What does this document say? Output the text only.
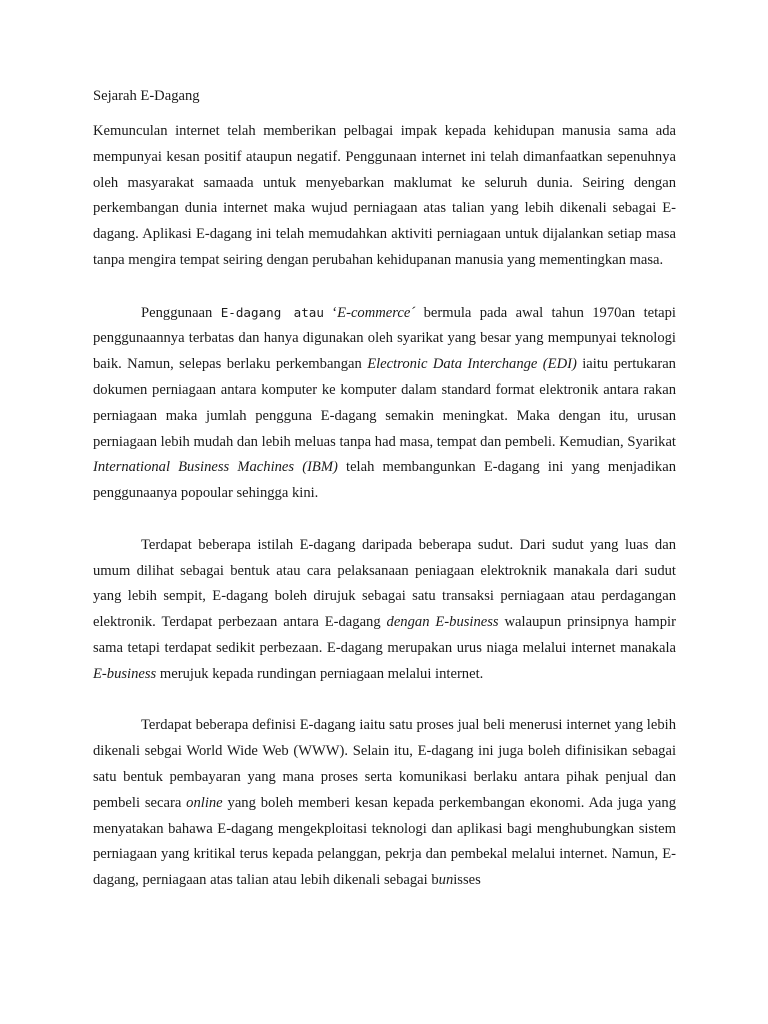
Sejarah E-Dagang

Kemunculan internet telah memberikan pelbagai impak kepada kehidupan manusia sama ada mempunyai kesan positif ataupun negatif. Penggunaan internet ini telah dimanfaatkan sepenuhnya oleh masyarakat samaada untuk menyebarkan maklumat ke seluruh dunia. Seiring dengan perkembangan dunia internet maka wujud perniagaan atas talian yang lebih dikenali sebagai E-dagang. Aplikasi E-dagang ini telah memudahkan aktiviti perniagaan untuk dijalankan setiap masa tanpa mengira tempat seiring dengan perubahan kehidupanan manusia yang mementingkan masa.

Penggunaan E-dagang atau ‘E-commerce´ bermula pada awal tahun 1970an tetapi penggunaannya terbatas dan hanya digunakan oleh syarikat yang besar yang mempunyai teknologi baik. Namun, selepas berlaku perkembangan Electronic Data Interchange (EDI) iaitu pertukaran dokumen perniagaan antara komputer ke komputer dalam standard format elektronik antara rakan perniagaan maka jumlah pengguna E-dagang semakin meningkat. Maka dengan itu, urusan perniagaan lebih mudah dan lebih meluas tanpa had masa, tempat dan pembeli. Kemudian, Syarikat International Business Machines (IBM) telah membangunkan E-dagang ini yang menjadikan penggunaanya popoular sehingga kini.

Terdapat beberapa istilah E-dagang daripada beberapa sudut. Dari sudut yang luas dan umum dilihat sebagai bentuk atau cara pelaksanaan peniagaan elektroknik manakala dari sudut yang lebih sempit, E-dagang boleh dirujuk sebagai satu transaksi perniagaan atau perdagangan elektronik. Terdapat perbezaan antara E-dagang dengan E-business walaupun prinsipnya hampir sama tetapi terdapat sedikit perbezaan. E-dagang merupakan urus niaga melalui internet manakala E-business merujuk kepada rundingan perniagaan melalui internet.

Terdapat beberapa definisi E-dagang iaitu satu proses jual beli menerusi internet yang lebih dikenali sebgai World Wide Web (WWW). Selain itu, E-dagang ini juga boleh difinisikan sebagai satu bentuk pembayaran yang mana proses serta komunikasi berlaku antara pihak penjual dan pembeli secara online yang boleh memberi kesan kepada perkembangan ekonomi. Ada juga yang menyatakan bahawa E-dagang mengekploitasi teknologi dan aplikasi bagi menghubungkan sistem perniagaan yang kritikal terus kepada pelanggan, pekrja dan pembekal melalui internet. Namun, E-dagang, perniagaan atas talian atau lebih dikenali sebagai bunisses
